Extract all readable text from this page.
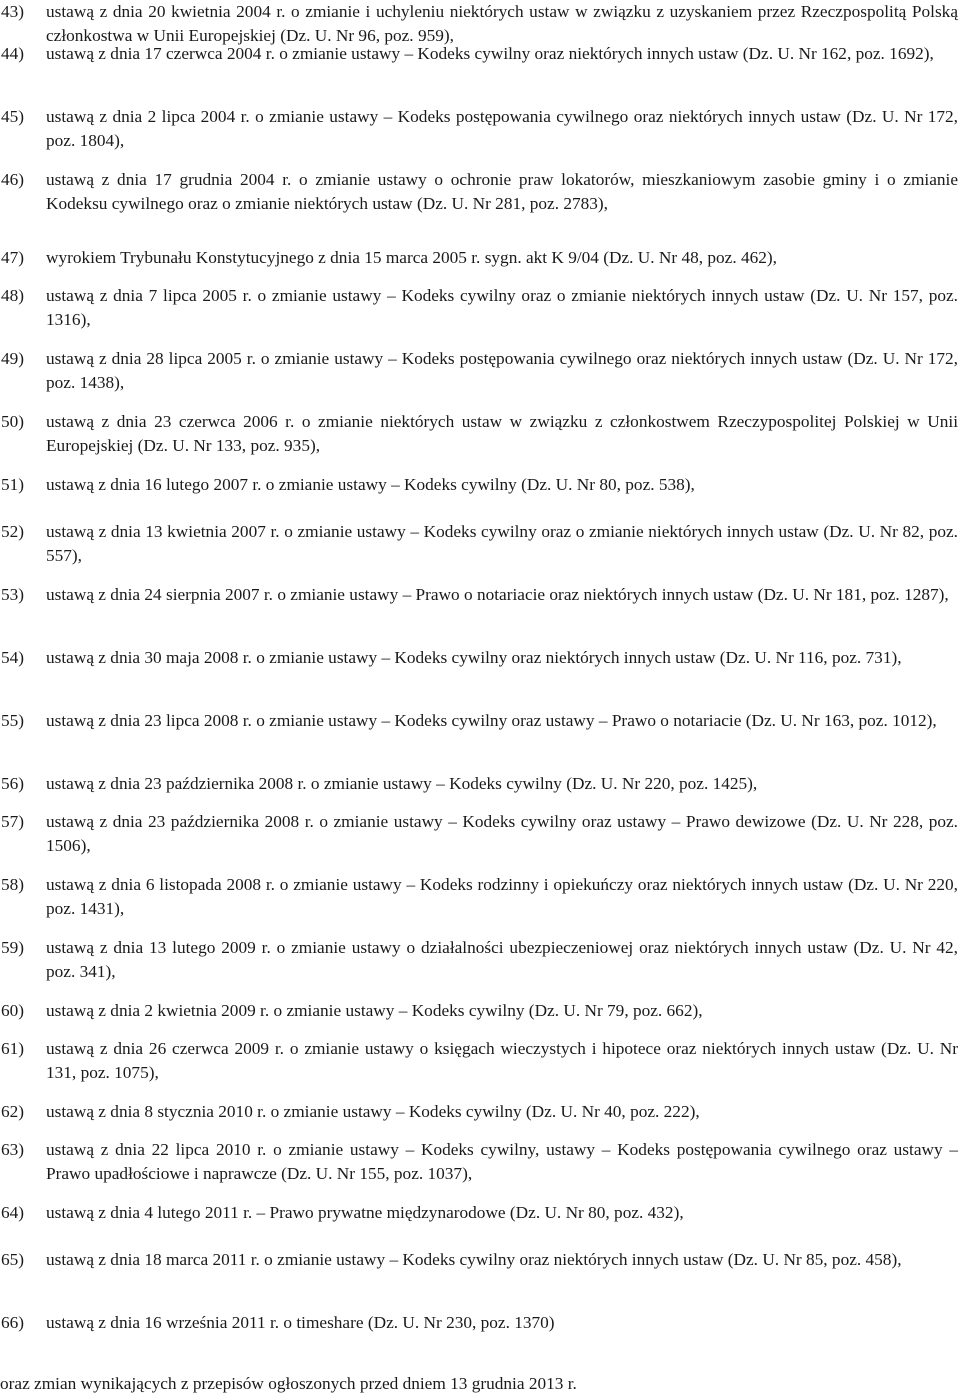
43) ustawą z dnia 20 kwietnia 2004 r. o zmianie i uchyleniu niektórych ustaw w związku z uzyskaniem przez Rzeczpospolitą Polską członkostwa w Unii Europejskiej (Dz. U. Nr 96, poz. 959),
44) ustawą z dnia 17 czerwca 2004 r. o zmianie ustawy – Kodeks cywilny oraz niektórych innych ustaw (Dz. U. Nr 162, poz. 1692),
45) ustawą z dnia 2 lipca 2004 r. o zmianie ustawy – Kodeks postępowania cywilnego oraz niektórych innych ustaw (Dz. U. Nr 172, poz. 1804),
46) ustawą z dnia 17 grudnia 2004 r. o zmianie ustawy o ochronie praw lokatorów, mieszkaniowym zasobie gminy i o zmianie Kodeksu cywilnego oraz o zmianie niektórych ustaw (Dz. U. Nr 281, poz. 2783),
47) wyrokiem Trybunału Konstytucyjnego z dnia 15 marca 2005 r. sygn. akt K 9/04 (Dz. U. Nr 48, poz. 462),
48) ustawą z dnia 7 lipca 2005 r. o zmianie ustawy – Kodeks cywilny oraz o zmianie niektórych innych ustaw (Dz. U. Nr 157, poz. 1316),
49) ustawą z dnia 28 lipca 2005 r. o zmianie ustawy – Kodeks postępowania cywilnego oraz niektórych innych ustaw (Dz. U. Nr 172, poz. 1438),
50) ustawą z dnia 23 czerwca 2006 r. o zmianie niektórych ustaw w związku z członkostwem Rzeczypospolitej Polskiej w Unii Europejskiej (Dz. U. Nr 133, poz. 935),
51) ustawą z dnia 16 lutego 2007 r. o zmianie ustawy – Kodeks cywilny (Dz. U. Nr 80, poz. 538),
52) ustawą z dnia 13 kwietnia 2007 r. o zmianie ustawy – Kodeks cywilny oraz o zmianie niektórych innych ustaw (Dz. U. Nr 82, poz. 557),
53) ustawą z dnia 24 sierpnia 2007 r. o zmianie ustawy – Prawo o notariacie oraz niektórych innych ustaw (Dz. U. Nr 181, poz. 1287),
54) ustawą z dnia 30 maja 2008 r. o zmianie ustawy – Kodeks cywilny oraz niektórych innych ustaw (Dz. U. Nr 116, poz. 731),
55) ustawą z dnia 23 lipca 2008 r. o zmianie ustawy – Kodeks cywilny oraz ustawy – Prawo o notariacie (Dz. U. Nr 163, poz. 1012),
56) ustawą z dnia 23 października 2008 r. o zmianie ustawy – Kodeks cywilny (Dz. U. Nr 220, poz. 1425),
57) ustawą z dnia 23 października 2008 r. o zmianie ustawy – Kodeks cywilny oraz ustawy – Prawo dewizowe (Dz. U. Nr 228, poz. 1506),
58) ustawą z dnia 6 listopada 2008 r. o zmianie ustawy – Kodeks rodzinny i opiekuńczy oraz niektórych innych ustaw (Dz. U. Nr 220, poz. 1431),
59) ustawą z dnia 13 lutego 2009 r. o zmianie ustawy o działalności ubezpieczeniowej oraz niektórych innych ustaw (Dz. U. Nr 42, poz. 341),
60) ustawą z dnia 2 kwietnia 2009 r. o zmianie ustawy – Kodeks cywilny (Dz. U. Nr 79, poz. 662),
61) ustawą z dnia 26 czerwca 2009 r. o zmianie ustawy o księgach wieczystych i hipotece oraz niektórych innych ustaw (Dz. U. Nr 131, poz. 1075),
62) ustawą z dnia 8 stycznia 2010 r. o zmianie ustawy – Kodeks cywilny (Dz. U. Nr 40, poz. 222),
63) ustawą z dnia 22 lipca 2010 r. o zmianie ustawy – Kodeks cywilny, ustawy – Kodeks postępowania cywilnego oraz ustawy – Prawo upadłościowe i naprawcze (Dz. U. Nr 155, poz. 1037),
64) ustawą z dnia 4 lutego 2011 r. – Prawo prywatne międzynarodowe (Dz. U. Nr 80, poz. 432),
65) ustawą z dnia 18 marca 2011 r. o zmianie ustawy – Kodeks cywilny oraz niektórych innych ustaw (Dz. U. Nr 85, poz. 458),
66) ustawą z dnia 16 września 2011 r. o timeshare (Dz. U. Nr 230, poz. 1370)
oraz zmian wynikających z przepisów ogłoszonych przed dniem 13 grudnia 2013 r.
